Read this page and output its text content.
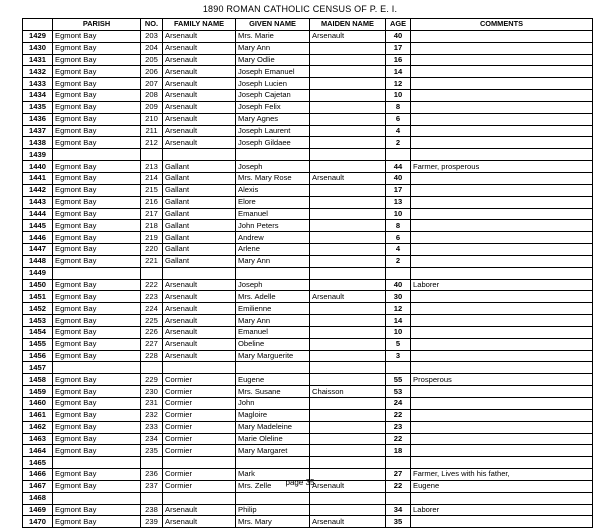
1890 ROMAN CATHOLIC CENSUS OF P. E. I.
	PARISH	NO.	FAMILY NAME	GIVEN NAME	MAIDEN NAME	AGE	COMMENTS
1429	Egmont Bay	203	Arsenault	Mrs. Marie	Arsenault	40	
1430	Egmont Bay	204	Arsenault	Mary Ann		17	
1431	Egmont Bay	205	Arsenault	Mary Odlie		16	
1432	Egmont Bay	206	Arsenault	Joseph Emanuel		14	
1433	Egmont Bay	207	Arsenault	Joseph Lucien		12	
1434	Egmont Bay	208	Arsenault	Joseph Cajetan		10	
1435	Egmont Bay	209	Arsenault	Joseph Felix		8	
1436	Egmont Bay	210	Arsenault	Mary Agnes		6	
1437	Egmont Bay	211	Arsenault	Joseph Laurent		4	
1438	Egmont Bay	212	Arsenault	Joseph Gildaee		2	
1439							
1440	Egmont Bay	213	Gallant	Joseph		44	Farmer, prosperous
1441	Egmont Bay	214	Gallant	Mrs. Mary Rose	Arsenault	40	
1442	Egmont Bay	215	Gallant	Alexis		17	
1443	Egmont Bay	216	Gallant	Elore		13	
1444	Egmont Bay	217	Gallant	Emanuel		10	
1445	Egmont Bay	218	Gallant	John Peters		8	
1446	Egmont Bay	219	Gallant	Andrew		6	
1447	Egmont Bay	220	Gallant	Arlene		4	
1448	Egmont Bay	221	Gallant	Mary Ann		2	
1449							
1450	Egmont Bay	222	Arsenault	Joseph		40	Laborer
1451	Egmont Bay	223	Arsenault	Mrs. Adelle	Arsenault	30	
1452	Egmont Bay	224	Arsenault	Emilienne		12	
1453	Egmont Bay	225	Arsenault	Mary Ann		14	
1454	Egmont Bay	226	Arsenault	Emanuel		10	
1455	Egmont Bay	227	Arsenault	Obeline		5	
1456	Egmont Bay	228	Arsenault	Mary Marguerite		3	
1457							
1458	Egmont Bay	229	Cormier	Eugene		55	Prosperous
1459	Egmont Bay	230	Cormier	Mrs. Susane	Chaisson	53	
1460	Egmont Bay	231	Cormier	John		24	
1461	Egmont Bay	232	Cormier	Magloire		22	
1462	Egmont Bay	233	Cormier	Mary Madeleine		23	
1463	Egmont Bay	234	Cormier	Marie Oleline		22	
1464	Egmont Bay	235	Cormier	Mary Margaret		18	
1465							
1466	Egmont Bay	236	Cormier	Mark		27	Farmer, Lives with his father,
1467	Egmont Bay	237	Cormier	Mrs. Zelle	Arsenault	22	Eugene
1468							
1469	Egmont Bay	238	Arsenault	Philip		34	Laborer
1470	Egmont Bay	239	Arsenault	Mrs. Mary	Arsenault	35	
page 35
